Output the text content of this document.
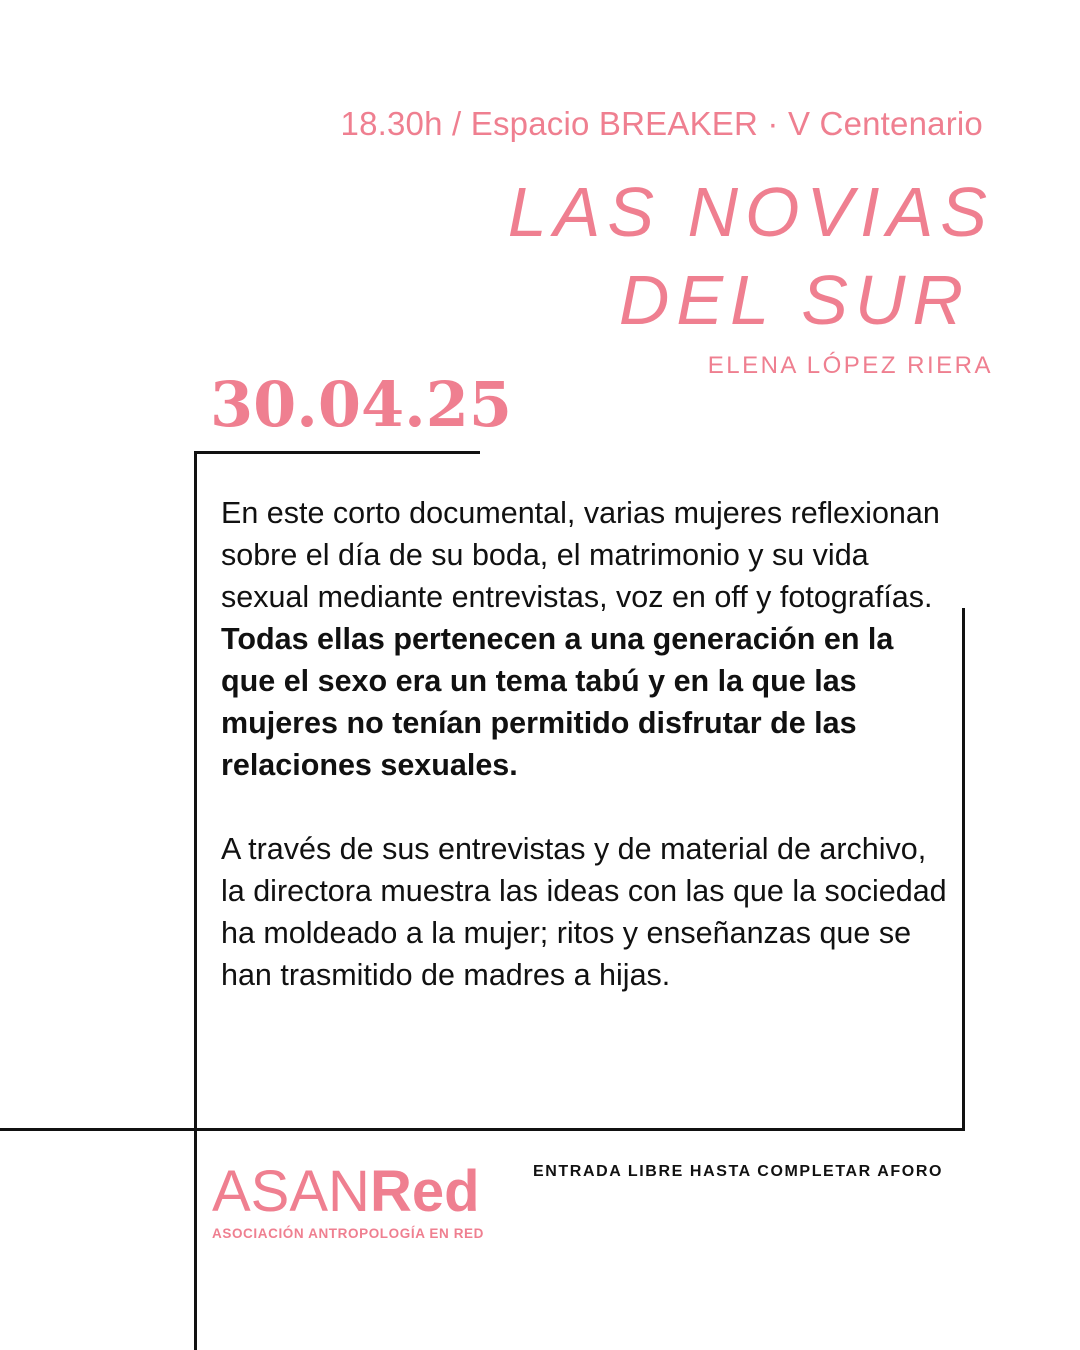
18.30h / Espacio BREAKER · V Centenario
LAS NOVIAS
DEL SUR
ELENA LÓPEZ RIERA
30.04.25

En este corto documental, varias mujeres reflexionan sobre el día de su boda, el matrimonio y su vida sexual mediante entrevistas, voz en off y fotografías. Todas ellas pertenecen a una generación en la que el sexo era un tema tabú y en la que las mujeres no tenían permitido disfrutar de las relaciones sexuales.

A través de sus entrevistas y de material de archivo, la directora muestra las ideas con las que la sociedad ha moldeado a la mujer; ritos y enseñanzas que se han trasmitido de madres a hijas.

ASANRed
ASOCIACIÓN ANTROPOLOGÍA EN RED
ENTRADA LIBRE HASTA COMPLETAR AFORO
